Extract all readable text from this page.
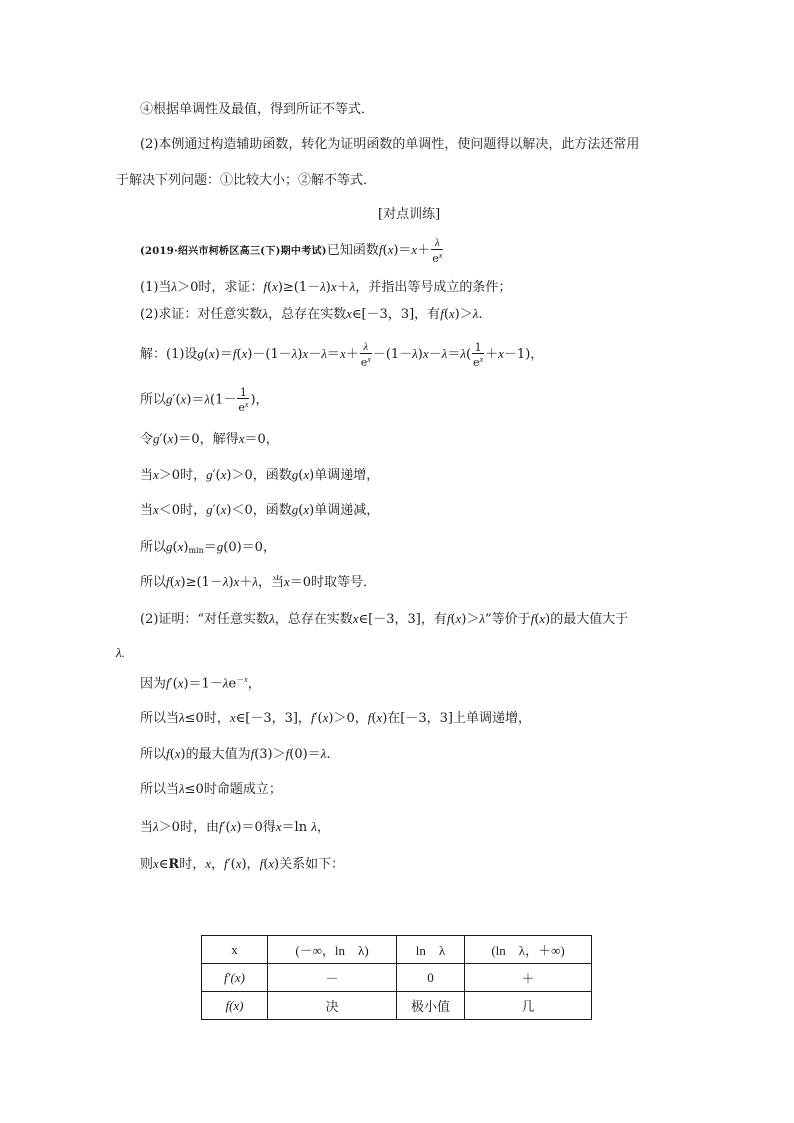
④根据单调性及最值，得到所证不等式．
(2)本例通过构造辅助函数，转化为证明函数的单调性，使问题得以解决，此方法还常用
于解决下列问题：①比较大小；②解不等式．
[对点训练]
(2019·绍兴市柯桥区高三(下)期中考试)已知函数$f(x)=x+ \frac{\lambda}{e^x}$
(1)当λ＞0时，求证：f(x)≥(1－λ)x＋λ，并指出等号成立的条件；
(2)求证：对任意实数λ，总存在实数x∈[－3，3]，有f(x)＞λ.
解：(1)设$g(x)=f(x)-(1-\lambda)x-\lambda=x+ \frac{\lambda}{e^x} -(1-\lambda)x-\lambda=\lambda( \frac{1}{e^x} +x-1)$，
所以$g'(x)=\lambda(1- \frac{1}{e^x}$ )，
令g′(x)＝0，解得x＝0，
当x＞0时，g′(x)＞0，函数g(x)单调递增，
当x＜0时，g′(x)＜0，函数g(x)单调递减，
所以$g(x)_{min}=g(0)=0$，
所以f(x)≥(1－λ)x＋λ，当x＝0时取等号．
(2)证明：“对任意实数λ，总存在实数x∈[－3，3]，有f(x)＞λ”等价于f(x)的最大值大于
λ.
因为$f'(x)=1-\lambda e^{-x}$，
所以当λ≤0时，x∈[－3，3]，f′(x)＞0，f(x)在[－3，3]上单调递增，
所以f(x)的最大值为f(3)＞f(0)＝λ.
所以当λ≤0时命题成立；
当λ＞0时，由f′(x)＝0得x＝ln λ，
则x∈R时，x，f′(x)，f(x)关系如下：
x	(－∞，ln　λ)	ln　λ	(ln　λ，＋∞)
f′(x)	－	0	＋
f(x)	决	极小值	几
